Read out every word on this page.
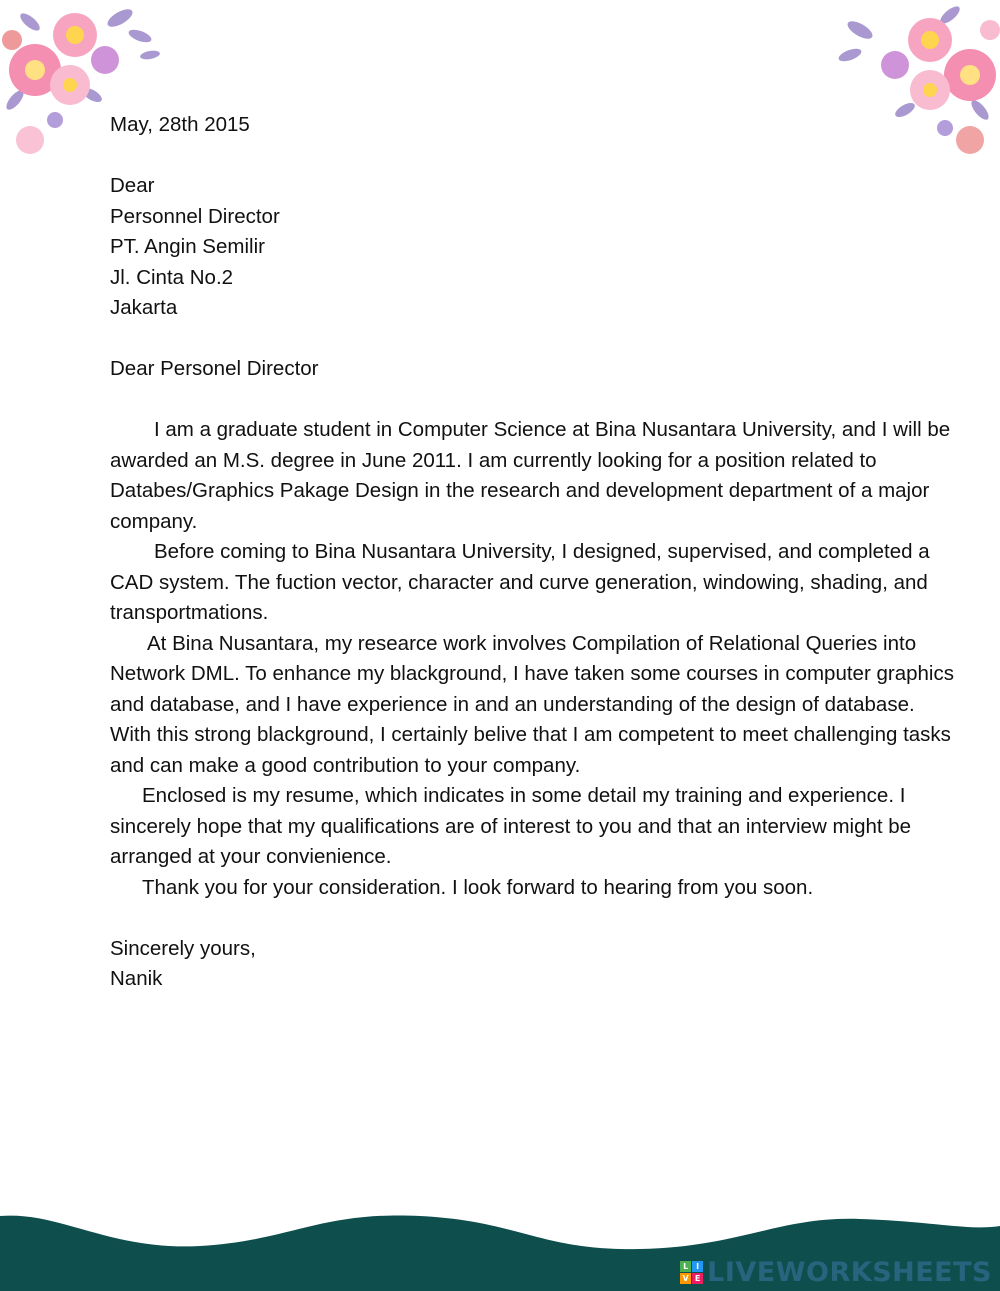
May, 28th 2015
Dear
Personnel Director
PT. Angin Semilir
Jl. Cinta No.2
Jakarta
Dear Personel Director
I am a graduate student in Computer Science at Bina Nusantara University, and I will be awarded an M.S. degree in June 2011. I am currently looking for a position related to Databes/Graphics Pakage Design in the research and development department of a major company.
Before coming to Bina Nusantara University, I designed, supervised, and completed a CAD system. The fuction vector, character and curve generation, windowing, shading, and transportmations.
At Bina Nusantara, my researce work involves Compilation of Relational Queries into Network DML. To enhance my blackground, I have taken some courses in computer graphics and database, and I have experience in and an understanding of the design of database. With this strong blackground, I certainly belive that I am competent to meet challenging tasks and can make a good contribution to your company.
Enclosed is my resume, which indicates in some detail my training and experience. I sincerely hope that my qualifications are of interest to you and that an interview might be arranged at your convienience.
Thank you for your consideration. I look forward to hearing from you soon.
Sincerely yours,
Nanik
L I
V E LIVEWORKSHEETS
